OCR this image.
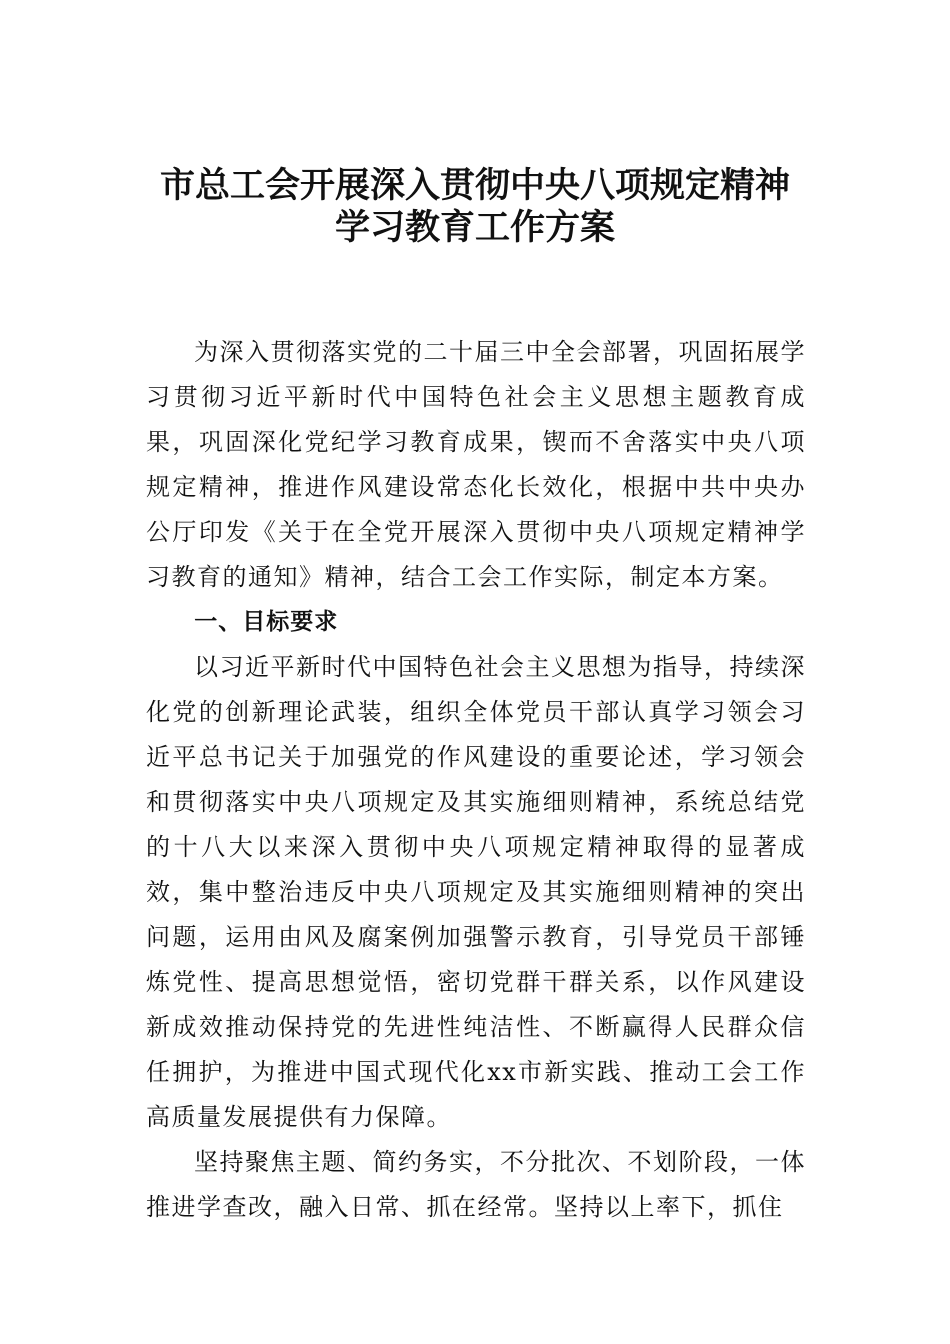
市总工会开展深入贯彻中央八项规定精神
学习教育工作方案

为深入贯彻落实党的二十届三中全会部署，巩固拓展学习贯彻习近平新时代中国特色社会主义思想主题教育成果，巩固深化党纪学习教育成果，锲而不舍落实中央八项规定精神，推进作风建设常态化长效化，根据中共中央办公厅印发《关于在全党开展深入贯彻中央八项规定精神学习教育的通知》精神，结合工会工作实际，制定本方案。

一、目标要求

以习近平新时代中国特色社会主义思想为指导，持续深化党的创新理论武装，组织全体党员干部认真学习领会习近平总书记关于加强党的作风建设的重要论述，学习领会和贯彻落实中央八项规定及其实施细则精神，系统总结党的十八大以来深入贯彻中央八项规定精神取得的显著成效，集中整治违反中央八项规定及其实施细则精神的突出问题，运用由风及腐案例加强警示教育，引导党员干部锤炼党性、提高思想觉悟，密切党群干群关系，以作风建设新成效推动保持党的先进性纯洁性、不断赢得人民群众信任拥护，为推进中国式现代化xx市新实践、推动工会工作高质量发展提供有力保障。

坚持聚焦主题、简约务实，不分批次、不划阶段，一体推进学查改，融入日常、抓在经常。坚持以上率下，抓住
